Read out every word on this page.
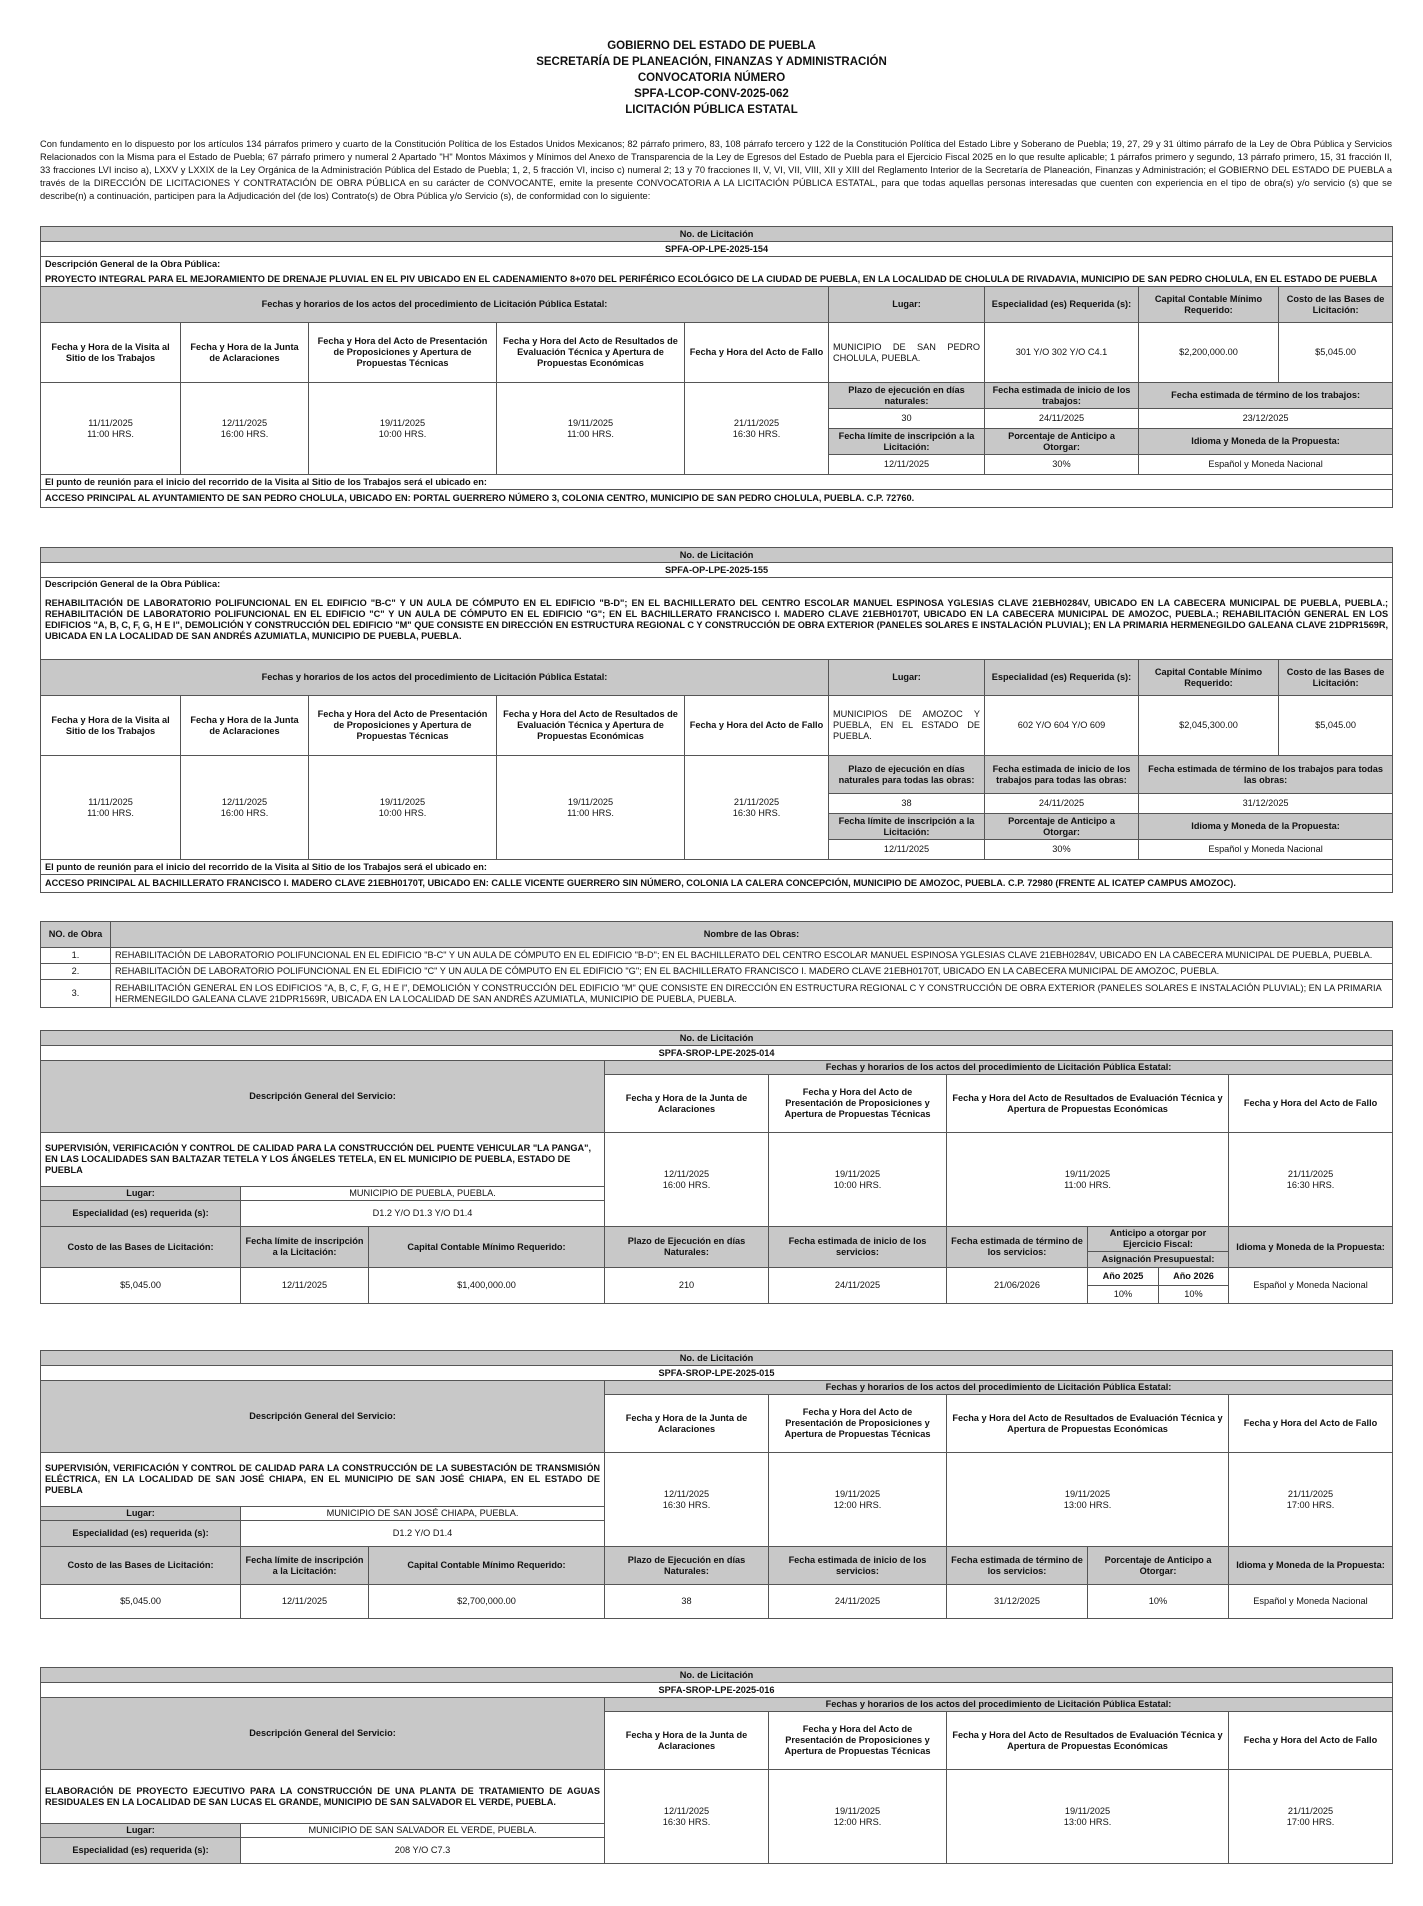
GOBIERNO DEL ESTADO DE PUEBLA
SECRETARÍA DE PLANEACIÓN, FINANZAS Y ADMINISTRACIÓN
CONVOCATORIA NÚMERO
SPFA-LCOP-CONV-2025-062
LICITACIÓN PÚBLICA ESTATAL
Con fundamento en lo dispuesto por los artículos 134 párrafos primero y cuarto de la Constitución Política de los Estados Unidos Mexicanos; 82 párrafo primero, 83, 108 párrafo tercero y 122 de la Constitución Política del Estado Libre y Soberano de Puebla; 19, 27, 29 y 31 último párrafo de la Ley de Obra Pública y Servicios Relacionados con la Misma para el Estado de Puebla; 67 párrafo primero y numeral 2 Apartado "H" Montos Máximos y Mínimos del Anexo de Transparencia de la Ley de Egresos del Estado de Puebla para el Ejercicio Fiscal 2025 en lo que resulte aplicable; 1 párrafos primero y segundo, 13 párrafo primero, 15, 31 fracción II, 33 fracciones LVI inciso a), LXXV y LXXIX de la Ley Orgánica de la Administración Pública del Estado de Puebla; 1, 2, 5 fracción VI, inciso c) numeral 2; 13 y 70 fracciones II, V, VI, VII, VIII, XII y XIII del Reglamento Interior de la Secretaría de Planeación, Finanzas y Administración; el GOBIERNO DEL ESTADO DE PUEBLA a través de la DIRECCIÓN DE LICITACIONES Y CONTRATACIÓN DE OBRA PÚBLICA en su carácter de CONVOCANTE, emite la presente CONVOCATORIA A LA LICITACIÓN PÚBLICA ESTATAL, para que todas aquellas personas interesadas que cuenten con experiencia en el tipo de obra(s) y/o servicio (s) que se describe(n) a continuación, participen para la Adjudicación del (de los) Contrato(s) de Obra Pública y/o Servicio (s), de conformidad con lo siguiente:
No. de Licitación								
SPFA-OP-LPE-2025-154								

Descripción General de la Obra Pública:
PROYECTO INTEGRAL PARA EL MEJORAMIENTO DE DRENAJE PLUVIAL EN EL PIV UBICADO EN EL CADENAMIENTO 8+070 DEL PERIFÉRICO ECOLÓGICO DE LA CIUDAD DE PUEBLA, EN LA LOCALIDAD DE CHOLULA DE RIVADAVIA, MUNICIPIO DE SAN PEDRO CHOLULA, EN EL ESTADO DE PUEBLA								

Fechas y horarios de los actos del procedimiento de Licitación Pública Estatal:					Lugar:	Especialidad (es) Requerida (s):	Capital Contable Mínimo Requerido:	Costo de las Bases de Licitación:
Fecha y Hora de la Visita al Sitio de los Trabajos	Fecha y Hora de la Junta de Aclaraciones	Fecha y Hora del Acto de Presentación de Proposiciones y Apertura de Propuestas Técnicas	Fecha y Hora del Acto de Resultados de Evaluación Técnica y Apertura de Propuestas Económicas	Fecha y Hora del Acto de Fallo	MUNICIPIO DE SAN PEDRO CHOLULA, PUEBLA.	301 Y/O 302 Y/O C4.1	$2,200,000.00	$5,045.00
11/11/2025
11:00 HRS.	12/11/2025
16:00 HRS.	19/11/2025
10:00 HRS.	19/11/2025
11:00 HRS.	21/11/2025
16:30 HRS.	Plazo de ejecución en días naturales:	Fecha estimada de inicio de los trabajos:	Fecha estimada de término de los trabajos:	
					30	24/11/2025	23/12/2025	
					Fecha límite de inscripción a la Licitación:	Porcentaje de Anticipo a Otorgar:	Idioma y Moneda de la Propuesta:	
					12/11/2025	30%	Español y Moneda Nacional	
El punto de reunión para el inicio del recorrido de la Visita al Sitio de los Trabajos será el ubicado en:								
ACCESO PRINCIPAL AL AYUNTAMIENTO DE SAN PEDRO CHOLULA, UBICADO EN: PORTAL GUERRERO NÚMERO 3, COLONIA CENTRO, MUNICIPIO DE SAN PEDRO CHOLULA, PUEBLA. C.P. 72760.								
No. de Licitación								
SPFA-OP-LPE-2025-155								

Descripción General de la Obra Pública:
REHABILITACIÓN DE LABORATORIO POLIFUNCIONAL EN EL EDIFICIO "B-C" Y UN AULA DE CÓMPUTO EN EL EDIFICIO "B-D"; EN EL BACHILLERATO DEL CENTRO ESCOLAR MANUEL ESPINOSA YGLESIAS CLAVE 21EBH0284V, UBICADO EN LA CABECERA MUNICIPAL DE PUEBLA, PUEBLA.; REHABILITACIÓN DE LABORATORIO POLIFUNCIONAL EN EL EDIFICIO "C" Y UN AULA DE CÓMPUTO EN EL EDIFICIO "G"; EN EL BACHILLERATO FRANCISCO I. MADERO CLAVE 21EBH0170T, UBICADO EN LA CABECERA MUNICIPAL DE AMOZOC, PUEBLA.; REHABILITACIÓN GENERAL EN LOS EDIFICIOS "A, B, C, F, G, H E I", DEMOLICIÓN Y CONSTRUCCIÓN DEL EDIFICIO "M" QUE CONSISTE EN DIRECCIÓN EN ESTRUCTURA REGIONAL C Y CONSTRUCCIÓN DE OBRA EXTERIOR (PANELES SOLARES E INSTALACIÓN PLUVIAL); EN LA PRIMARIA HERMENEGILDO GALEANA CLAVE 21DPR1569R, UBICADA EN LA LOCALIDAD DE SAN ANDRÉS AZUMIATLA, MUNICIPIO DE PUEBLA, PUEBLA.								

Fechas y horarios de los actos del procedimiento de Licitación Pública Estatal:					Lugar:	Especialidad (es) Requerida (s):	Capital Contable Mínimo Requerido:	Costo de las Bases de Licitación:
Fecha y Hora de la Visita al Sitio de los Trabajos	Fecha y Hora de la Junta de Aclaraciones	Fecha y Hora del Acto de Presentación de Proposiciones y Apertura de Propuestas Técnicas	Fecha y Hora del Acto de Resultados de Evaluación Técnica y Apertura de Propuestas Económicas	Fecha y Hora del Acto de Fallo	MUNICIPIOS DE AMOZOC Y PUEBLA, EN EL ESTADO DE PUEBLA.	602 Y/O 604 Y/O 609	$2,045,300.00	$5,045.00
11/11/2025
11:00 HRS.	12/11/2025
16:00 HRS.	19/11/2025
10:00 HRS.	19/11/2025
11:00 HRS.	21/11/2025
16:30 HRS.	Plazo de ejecución en días naturales para todas las obras:	Fecha estimada de inicio de los trabajos para todas las obras:	Fecha estimada de término de los trabajos para todas las obras:	
					38	24/11/2025	31/12/2025	
					Fecha límite de inscripción a la Licitación:	Porcentaje de Anticipo a Otorgar:	Idioma y Moneda de la Propuesta:	
					12/11/2025	30%	Español y Moneda Nacional	
El punto de reunión para el inicio del recorrido de la Visita al Sitio de los Trabajos será el ubicado en:								
ACCESO PRINCIPAL AL BACHILLERATO FRANCISCO I. MADERO CLAVE 21EBH0170T, UBICADO EN: CALLE VICENTE GUERRERO SIN NÚMERO, COLONIA LA CALERA CONCEPCIÓN, MUNICIPIO DE AMOZOC, PUEBLA. C.P. 72980 (FRENTE AL ICATEP CAMPUS AMOZOC).								
NO. de Obra	Nombre de las Obras:
1.	REHABILITACIÓN DE LABORATORIO POLIFUNCIONAL EN EL EDIFICIO "B-C" Y UN AULA DE CÓMPUTO EN EL EDIFICIO "B-D"; EN EL BACHILLERATO DEL CENTRO ESCOLAR MANUEL ESPINOSA YGLESIAS CLAVE 21EBH0284V, UBICADO EN LA CABECERA MUNICIPAL DE PUEBLA, PUEBLA.
2.	REHABILITACIÓN DE LABORATORIO POLIFUNCIONAL EN EL EDIFICIO "C" Y UN AULA DE CÓMPUTO EN EL EDIFICIO "G"; EN EL BACHILLERATO FRANCISCO I. MADERO CLAVE 21EBH0170T, UBICADO EN LA CABECERA MUNICIPAL DE AMOZOC, PUEBLA.
3.	REHABILITACIÓN GENERAL EN LOS EDIFICIOS "A, B, C, F, G, H E I", DEMOLICIÓN Y CONSTRUCCIÓN DEL EDIFICIO "M" QUE CONSISTE EN DIRECCIÓN EN ESTRUCTURA REGIONAL C Y CONSTRUCCIÓN DE OBRA EXTERIOR (PANELES SOLARES E INSTALACIÓN PLUVIAL); EN LA PRIMARIA HERMENEGILDO GALEANA CLAVE 21DPR1569R, UBICADA EN LA LOCALIDAD DE SAN ANDRÉS AZUMIATLA, MUNICIPIO DE PUEBLA, PUEBLA.
No. de Licitación								
SPFA-SROP-LPE-2025-014								
Descripción General del Servicio:			Fechas y horarios de los actos del procedimiento de Licitación Pública Estatal:					
			Fecha y Hora de la Junta de Aclaraciones	Fecha y Hora del Acto de Presentación de Proposiciones y Apertura de Propuestas Técnicas	Fecha y Hora del Acto de Resultados de Evaluación Técnica y Apertura de Propuestas Económicas			Fecha y Hora del Acto de Fallo
SUPERVISIÓN, VERIFICACIÓN Y CONTROL DE CALIDAD PARA LA CONSTRUCCIÓN DEL PUENTE VEHICULAR "LA PANGA", EN LAS LOCALIDADES SAN BALTAZAR TETELA Y LOS ÁNGELES TETELA, EN EL MUNICIPIO DE PUEBLA, ESTADO DE PUEBLA			12/11/2025
16:00 HRS.	19/11/2025
10:00 HRS.	19/11/2025
11:00 HRS.			21/11/2025
16:30 HRS.
Lugar:	MUNICIPIO DE PUEBLA, PUEBLA.							
Especialidad (es) requerida (s):	D1.2 Y/O D1.3 Y/O D1.4							
Costo de las Bases de Licitación:	Fecha límite de inscripción a la Licitación:	Capital Contable Mínimo Requerido:	Plazo de Ejecución en días Naturales:	Fecha estimada de inicio de los servicios:	Fecha estimada de término de los servicios:	Anticipo a otorgar por Ejercicio Fiscal:		Idioma y Moneda de la Propuesta:
						Asignación Presupuestal:		
$5,045.00	12/11/2025	$1,400,000.00	210	24/11/2025	21/06/2026	Año 2025	Año 2026	Español y Moneda Nacional
						10%	10%	
No. de Licitación							
SPFA-SROP-LPE-2025-015							
Descripción General del Servicio:			Fechas y horarios de los actos del procedimiento de Licitación Pública Estatal:				
			Fecha y Hora de la Junta de Aclaraciones	Fecha y Hora del Acto de Presentación de Proposiciones y Apertura de Propuestas Técnicas	Fecha y Hora del Acto de Resultados de Evaluación Técnica y Apertura de Propuestas Económicas		Fecha y Hora del Acto de Fallo
SUPERVISIÓN, VERIFICACIÓN Y CONTROL DE CALIDAD PARA LA CONSTRUCCIÓN DE LA SUBESTACIÓN DE TRANSMISIÓN ELÉCTRICA, EN LA LOCALIDAD DE SAN JOSÉ CHIAPA, EN EL MUNICIPIO DE SAN JOSÉ CHIAPA, EN EL ESTADO DE PUEBLA			12/11/2025
16:30 HRS.	19/11/2025
12:00 HRS.	19/11/2025
13:00 HRS.		21/11/2025
17:00 HRS.
Lugar:	MUNICIPIO DE SAN JOSÉ CHIAPA, PUEBLA.						
Especialidad (es) requerida (s):	D1.2 Y/O D1.4						
Costo de las Bases de Licitación:	Fecha límite de inscripción a la Licitación:	Capital Contable Mínimo Requerido:	Plazo de Ejecución en días Naturales:	Fecha estimada de inicio de los servicios:	Fecha estimada de término de los servicios:	Porcentaje de Anticipo a Otorgar:	Idioma y Moneda de la Propuesta:
$5,045.00	12/11/2025	$2,700,000.00	38	24/11/2025	31/12/2025	10%	Español y Moneda Nacional
No. de Licitación					
SPFA-SROP-LPE-2025-016					
Descripción General del Servicio:		Fechas y horarios de los actos del procedimiento de Licitación Pública Estatal:			
		Fecha y Hora de la Junta de Aclaraciones	Fecha y Hora del Acto de Presentación de Proposiciones y Apertura de Propuestas Técnicas	Fecha y Hora del Acto de Resultados de Evaluación Técnica y Apertura de Propuestas Económicas	Fecha y Hora del Acto de Fallo
ELABORACIÓN DE PROYECTO EJECUTIVO PARA LA CONSTRUCCIÓN DE UNA PLANTA DE TRATAMIENTO DE AGUAS RESIDUALES EN LA LOCALIDAD DE SAN LUCAS EL GRANDE, MUNICIPIO DE SAN SALVADOR EL VERDE, PUEBLA.		12/11/2025
16:30 HRS.	19/11/2025
12:00 HRS.	19/11/2025
13:00 HRS.	21/11/2025
17:00 HRS.
Lugar:	MUNICIPIO DE SAN SALVADOR EL VERDE, PUEBLA.				
Especialidad (es) requerida (s):	208 Y/O C7.3				
